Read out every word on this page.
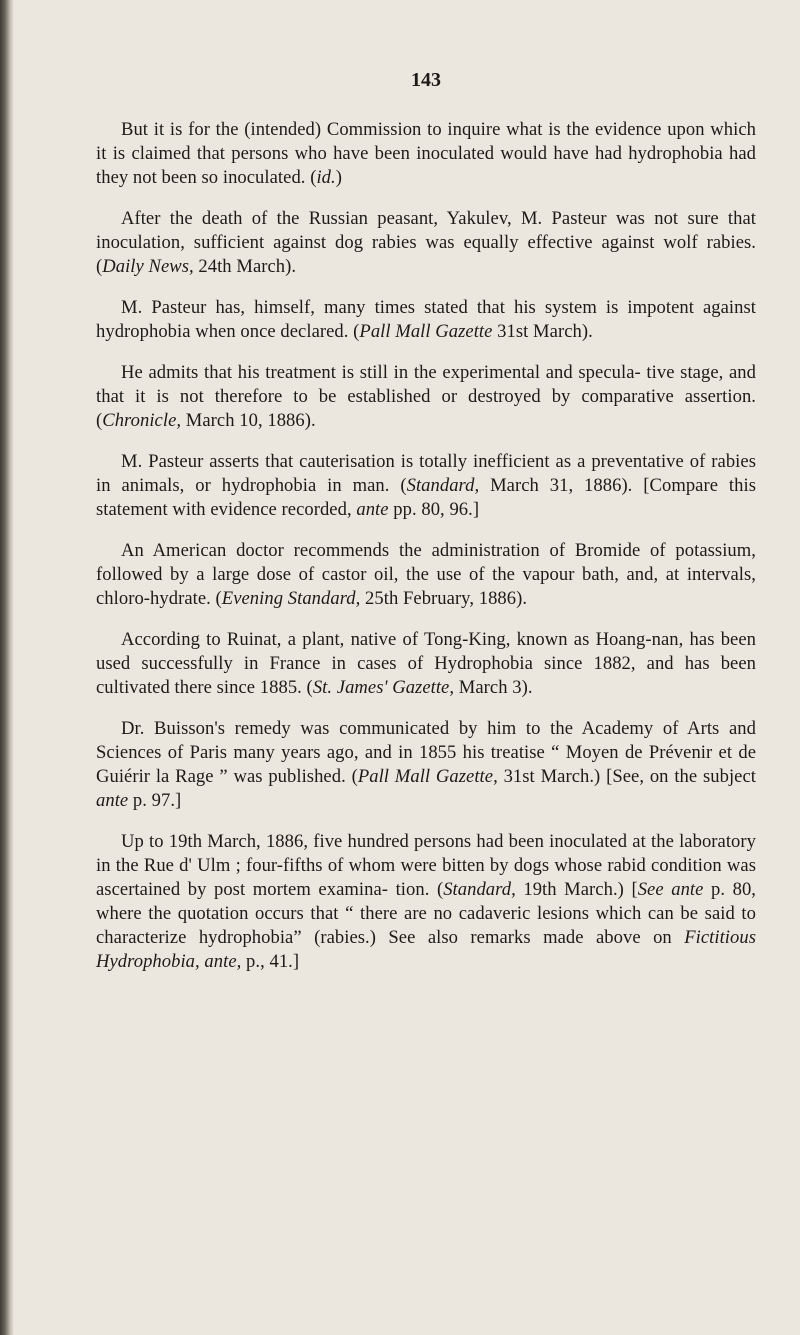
143

But it is for the (intended) Commission to inquire what is the evidence upon which it is claimed that persons who have been inoculated would have had hydrophobia had they not been so inoculated. (id.)

After the death of the Russian peasant, Yakulev, M. Pasteur was not sure that inoculation, sufficient against dog rabies was equally effective against wolf rabies. (Daily News, 24th March).

M. Pasteur has, himself, many times stated that his system is impotent against hydrophobia when once declared. (Pall Mall Gazette 31st March).

He admits that his treatment is still in the experimental and specula- tive stage, and that it is not therefore to be established or destroyed by comparative assertion. (Chronicle, March 10, 1886).

M. Pasteur asserts that cauterisation is totally inefficient as a preventative of rabies in animals, or hydrophobia in man. (Standard, March 31, 1886). [Compare this statement with evidence recorded, ante pp. 80, 96.]

An American doctor recommends the administration of Bromide of potassium, followed by a large dose of castor oil, the use of the vapour bath, and, at intervals, chloro-hydrate. (Evening Standard, 25th February, 1886).

According to Ruinat, a plant, native of Tong-King, known as Hoang-nan, has been used successfully in France in cases of Hydrophobia since 1882, and has been cultivated there since 1885. (St. James' Gazette, March 3).

Dr. Buisson's remedy was communicated by him to the Academy of Arts and Sciences of Paris many years ago, and in 1855 his treatise “ Moyen de Prévenir et de Guiérir la Rage ” was published. (Pall Mall Gazette, 31st March.) [See, on the subject ante p. 97.]

Up to 19th March, 1886, five hundred persons had been inoculated at the laboratory in the Rue d' Ulm ; four-fifths of whom were bitten by dogs whose rabid condition was ascertained by post mortem examina- tion. (Standard, 19th March.) [See ante p. 80, where the quotation occurs that “ there are no cadaveric lesions which can be said to characterize hydrophobia” (rabies.) See also remarks made above on Fictitious Hydrophobia, ante, p., 41.]
